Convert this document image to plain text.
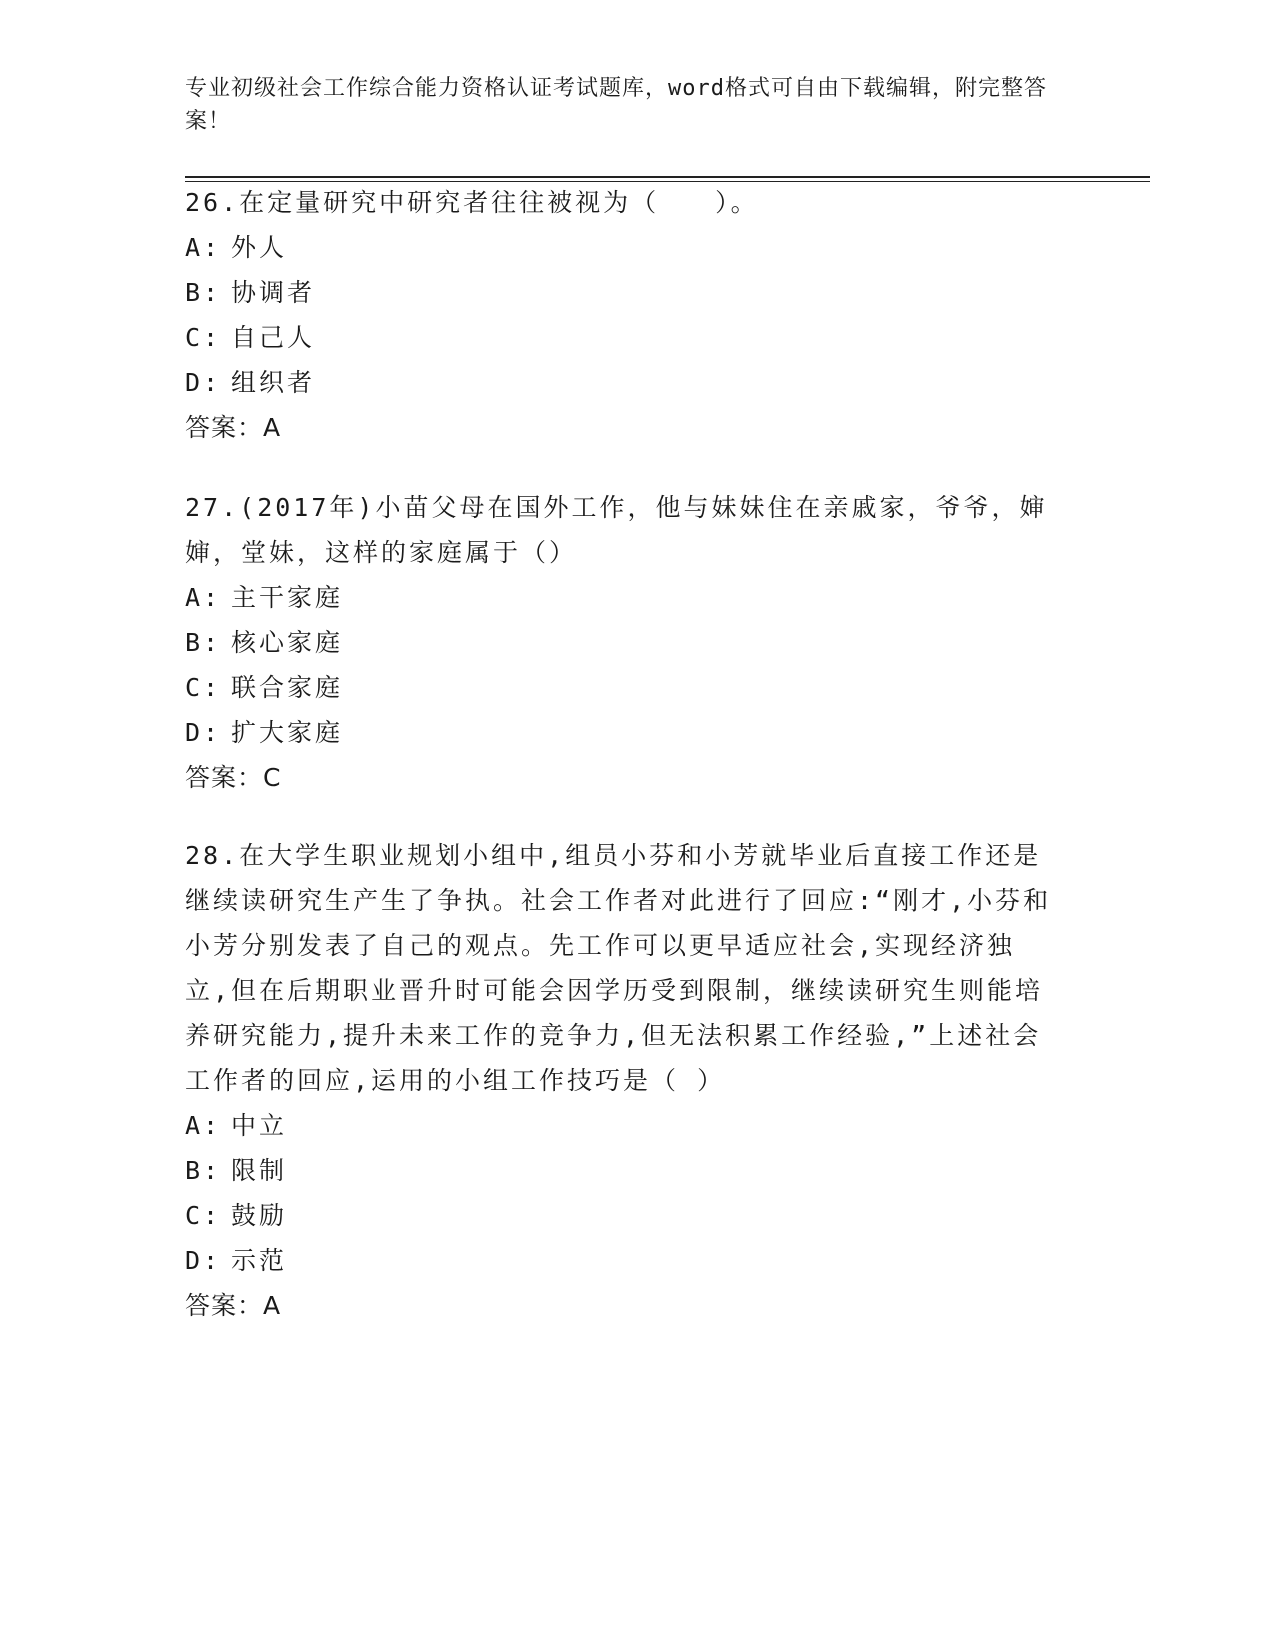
专业初级社会工作综合能力资格认证考试题库，word格式可自由下载编辑，附完整答案！

26.在定量研究中研究者往往被视为（　　）。

A: 外人

B: 协调者

C: 自己人

D: 组织者

答案：A

27.(2017年)小苗父母在国外工作，他与妹妹住在亲戚家，爷爷，婶婶，堂妹，这样的家庭属于（）

A: 主干家庭

B: 核心家庭

C: 联合家庭

D: 扩大家庭

答案：C

28.在大学生职业规划小组中,组员小芬和小芳就毕业后直接工作还是继续读研究生产生了争执。社会工作者对此进行了回应:“刚才,小芬和小芳分别发表了自己的观点。先工作可以更早适应社会,实现经济独立,但在后期职业晋升时可能会因学历受到限制，继续读研究生则能培养研究能力,提升未来工作的竞争力,但无法积累工作经验,”上述社会工作者的回应,运用的小组工作技巧是（ ）

A: 中立

B: 限制

C: 鼓励

D: 示范

答案：A
